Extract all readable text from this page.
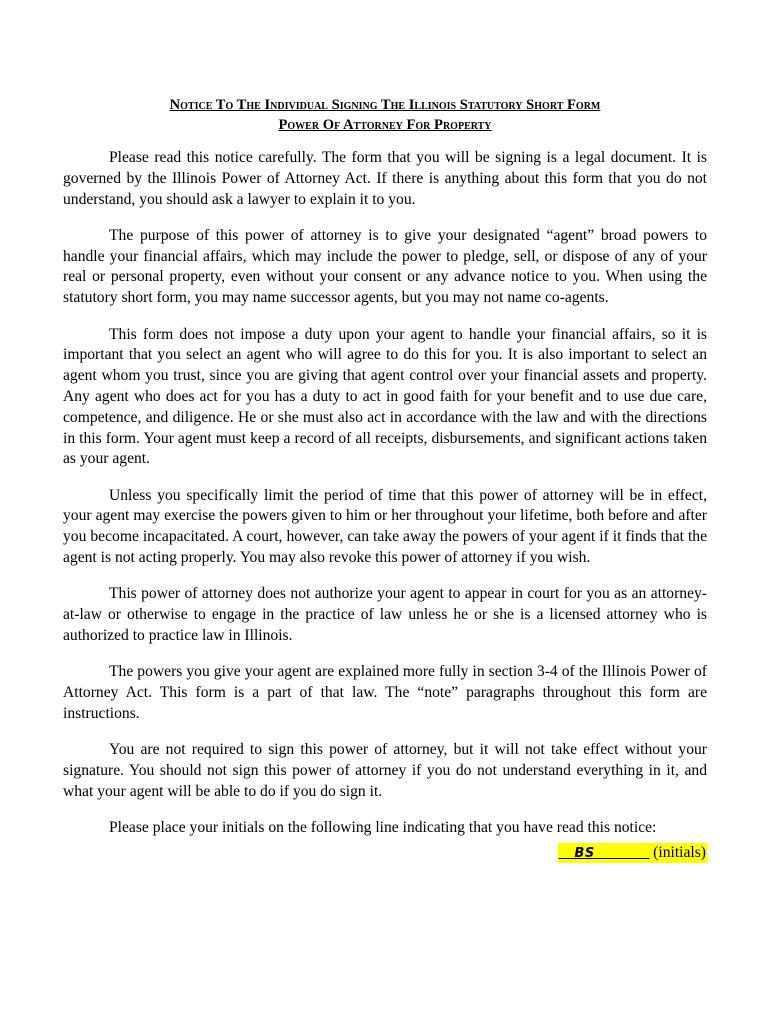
Notice To The Individual Signing The Illinois Statutory Short Form
Power Of Attorney For Property

Please read this notice carefully. The form that you will be signing is a legal document. It is governed by the Illinois Power of Attorney Act. If there is anything about this form that you do not understand, you should ask a lawyer to explain it to you.

The purpose of this power of attorney is to give your designated “agent” broad powers to handle your financial affairs, which may include the power to pledge, sell, or dispose of any of your real or personal property, even without your consent or any advance notice to you. When using the statutory short form, you may name successor agents, but you may not name co-agents.

This form does not impose a duty upon your agent to handle your financial affairs, so it is important that you select an agent who will agree to do this for you. It is also important to select an agent whom you trust, since you are giving that agent control over your financial assets and property. Any agent who does act for you has a duty to act in good faith for your benefit and to use due care, competence, and diligence. He or she must also act in accordance with the law and with the directions in this form. Your agent must keep a record of all receipts, disbursements, and significant actions taken as your agent.

Unless you specifically limit the period of time that this power of attorney will be in effect, your agent may exercise the powers given to him or her throughout your lifetime, both before and after you become incapacitated. A court, however, can take away the powers of your agent if it finds that the agent is not acting properly. You may also revoke this power of attorney if you wish.

This power of attorney does not authorize your agent to appear in court for you as an attorney-at-law or otherwise to engage in the practice of law unless he or she is a licensed attorney who is authorized to practice law in Illinois.

The powers you give your agent are explained more fully in section 3-4 of the Illinois Power of Attorney Act. This form is a part of that law. The “note” paragraphs throughout this form are instructions.

You are not required to sign this power of attorney, but it will not take effect without your signature. You should not sign this power of attorney if you do not understand everything in it, and what your agent will be able to do if you do sign it.

Please place your initials on the following line indicating that you have read this notice:

__BS_______ (initials)
